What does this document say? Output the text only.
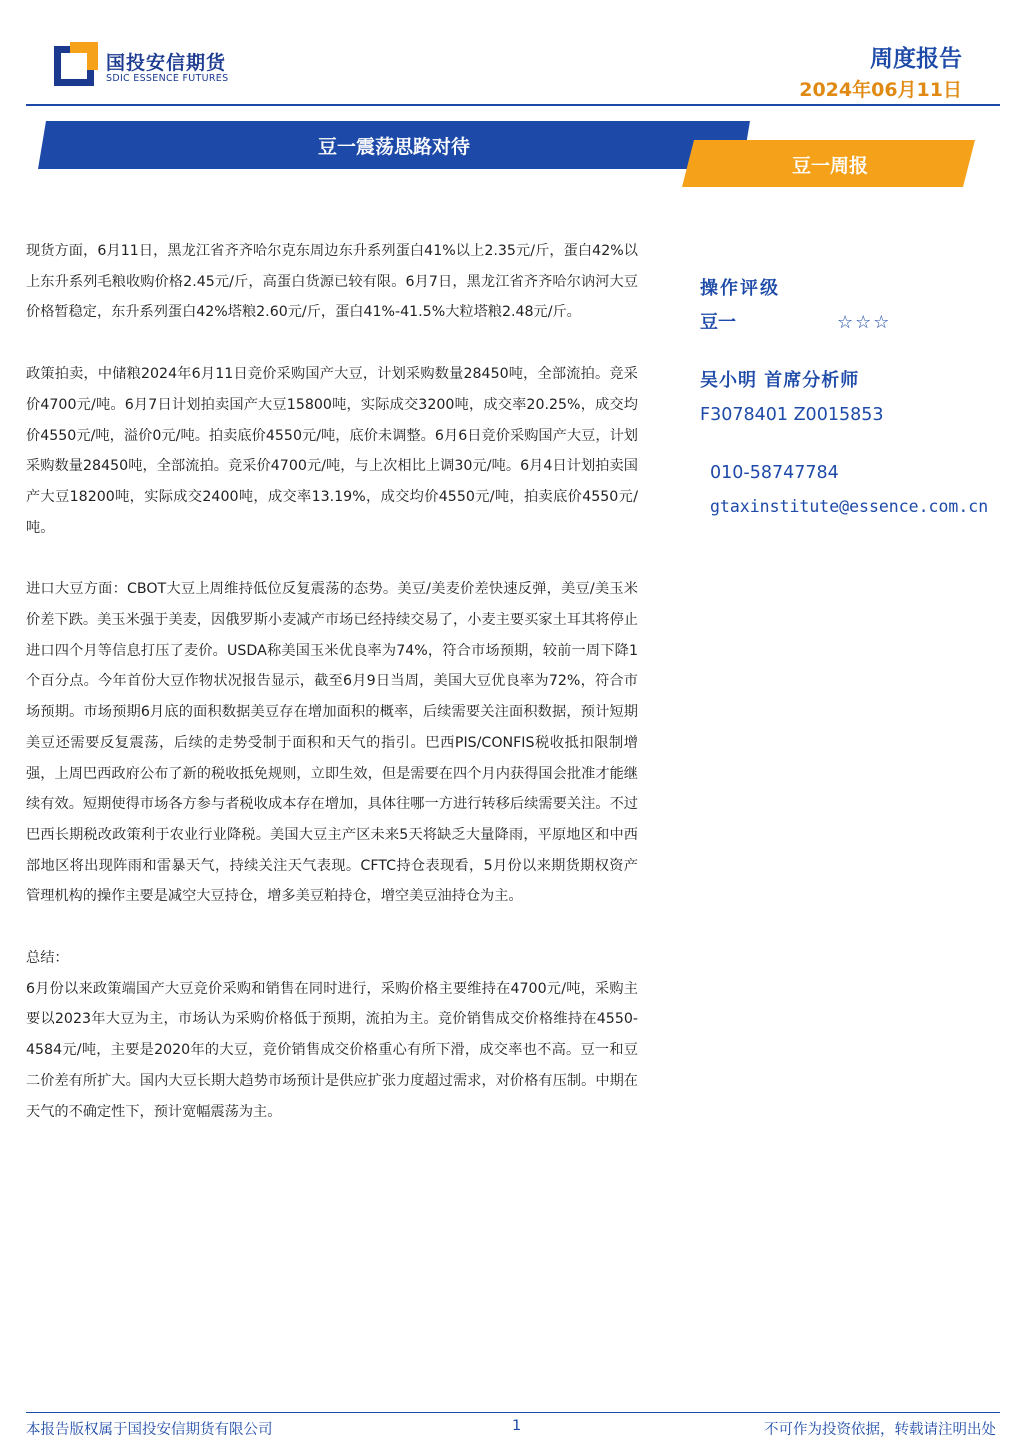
国投安信期货
SDIC ESSENCE FUTURES
周度报告
2024年06月11日
豆一震荡思路对待
豆一周报

现货方面，6月11日，黑龙江省齐齐哈尔克东周边东升系列蛋白41%以上2.35元/斤，蛋白42%以上东升系列毛粮收购价格2.45元/斤，高蛋白货源已较有限。6月7日，黑龙江省齐齐哈尔讷河大豆价格暂稳定，东升系列蛋白42%塔粮2.60元/斤，蛋白41%-41.5%大粒塔粮2.48元/斤。

政策拍卖，中储粮2024年6月11日竞价采购国产大豆，计划采购数量28450吨，全部流拍。竞采价4700元/吨。6月7日计划拍卖国产大豆15800吨，实际成交3200吨，成交率20.25%，成交均价4550元/吨，溢价0元/吨。拍卖底价4550元/吨，底价未调整。6月6日竞价采购国产大豆，计划采购数量28450吨，全部流拍。竞采价4700元/吨，与上次相比上调30元/吨。6月4日计划拍卖国产大豆18200吨，实际成交2400吨，成交率13.19%，成交均价4550元/吨，拍卖底价4550元/吨。

进口大豆方面：CBOT大豆上周维持低位反复震荡的态势。美豆/美麦价差快速反弹，美豆/美玉米价差下跌。美玉米强于美麦，因俄罗斯小麦减产市场已经持续交易了，小麦主要买家土耳其将停止进口四个月等信息打压了麦价。USDA称美国玉米优良率为74%，符合市场预期，较前一周下降1个百分点。今年首份大豆作物状况报告显示，截至6月9日当周，美国大豆优良率为72%，符合市场预期。市场预期6月底的面积数据美豆存在增加面积的概率，后续需要关注面积数据，预计短期美豆还需要反复震荡，后续的走势受制于面积和天气的指引。巴西PIS/CONFIS税收抵扣限制增强，上周巴西政府公布了新的税收抵免规则，立即生效，但是需要在四个月内获得国会批准才能继续有效。短期使得市场各方参与者税收成本存在增加，具体往哪一方进行转移后续需要关注。不过巴西长期税改政策利于农业行业降税。美国大豆主产区未来5天将缺乏大量降雨，平原地区和中西部地区将出现阵雨和雷暴天气，持续关注天气表现。CFTC持仓表现看，5月份以来期货期权资产管理机构的操作主要是减空大豆持仓，增多美豆粕持仓，增空美豆油持仓为主。

总结：

6月份以来政策端国产大豆竞价采购和销售在同时进行，采购价格主要维持在4700元/吨，采购主要以2023年大豆为主，市场认为采购价格低于预期，流拍为主。竞价销售成交价格维持在4550-4584元/吨，主要是2020年的大豆，竞价销售成交价格重心有所下滑，成交率也不高。豆一和豆二价差有所扩大。国内大豆长期大趋势市场预计是供应扩张力度超过需求，对价格有压制。中期在天气的不确定性下，预计宽幅震荡为主。

操作评级
豆一	☆☆☆
吴小明 首席分析师
F3078401 Z0015853
010-58747784
gtaxinstitute@essence.com.cn
本报告版权属于国投安信期货有限公司	1	不可作为投资依据，转载请注明出处
